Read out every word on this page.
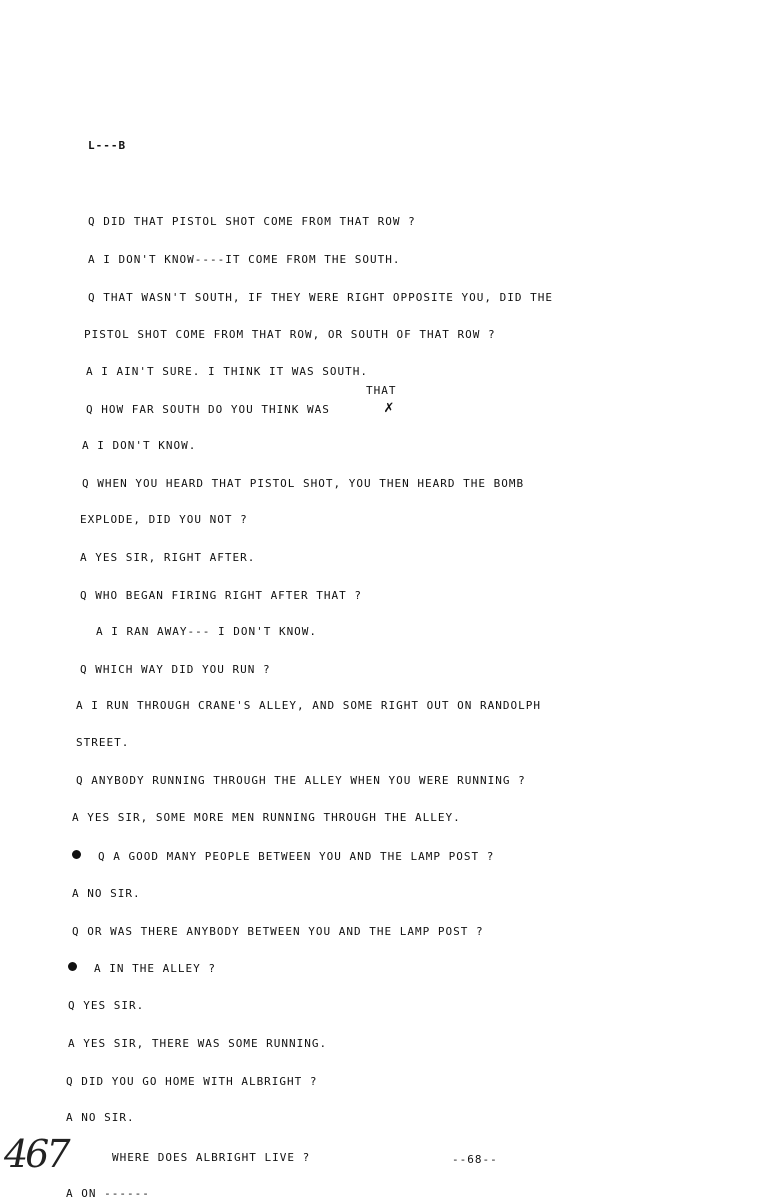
L---B
Q DID THAT PISTOL SHOT COME FROM THAT ROW ?
A I DON'T KNOW----IT COME FROM THE SOUTH.
Q THAT WASN'T SOUTH, IF THEY WERE RIGHT OPPOSITE YOU, DID THE
PISTOL SHOT COME FROM THAT ROW, OR SOUTH OF THAT ROW ?
A I AIN'T SURE. I THINK IT WAS SOUTH.
THAT
Q HOW FAR SOUTH DO YOU THINK WAS	✗
A I DON'T KNOW.
Q WHEN YOU HEARD THAT PISTOL SHOT, YOU THEN HEARD THE BOMB
EXPLODE, DID YOU NOT ?
A YES SIR, RIGHT AFTER.
Q WHO BEGAN FIRING RIGHT AFTER THAT ?
A I RAN AWAY--- I DON'T KNOW.
Q WHICH WAY DID YOU RUN ?
A I RUN THROUGH CRANE'S ALLEY, AND SOME RIGHT OUT ON RANDOLPH
STREET.
Q ANYBODY RUNNING THROUGH THE ALLEY WHEN YOU WERE RUNNING ?
A YES SIR, SOME MORE MEN RUNNING THROUGH THE ALLEY.
Q A GOOD MANY PEOPLE BETWEEN YOU AND THE LAMP POST ?
A NO SIR.
Q OR WAS THERE ANYBODY BETWEEN YOU AND THE LAMP POST ?
A IN THE ALLEY ?
Q YES SIR.
A YES SIR, THERE WAS SOME RUNNING.
Q DID YOU GO HOME WITH ALBRIGHT ?
A NO SIR.
467	WHERE DOES ALBRIGHT LIVE ?	--68--
A ON ------
